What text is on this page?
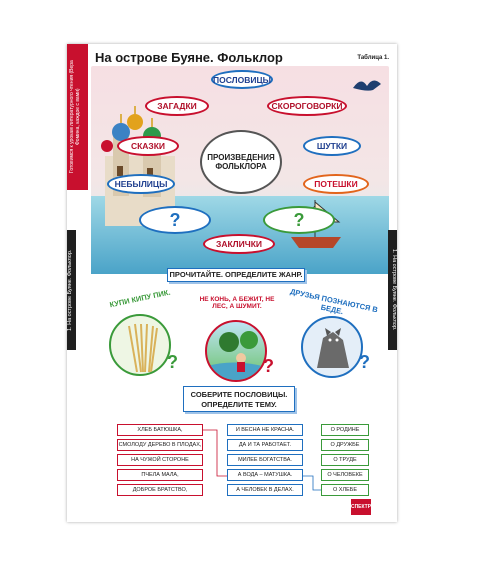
Готовимся к урокам литературного чтения (Вера Фомина, каждое с вами)
На острове Буяне. Фольклор	Таблица 1.
1. На острове Буяне. Фольклор.	1. На острове Буяне. Фольклор.
ПОСЛОВИЦЫ
ЗАГАДКИ	СКОРОГОВОРКИ
СКАЗКИ	ШУТКИ
НЕБЫЛИЦЫ	ПОТЕШКИ
?	?
ЗАКЛИЧКИ
ПРОИЗВЕДЕНИЯ ФОЛЬКЛОРА
ПРОЧИТАЙТЕ. ОПРЕДЕЛИТЕ ЖАНР.
КУПИ КИПУ ПИК.
?
НЕ КОНЬ, А БЕЖИТ, НЕ ЛЕС, А ШУМИТ.
?
ДРУЗЬЯ ПОЗНАЮТСЯ В БЕДЕ.
?
СОБЕРИТЕ ПОСЛОВИЦЫ. ОПРЕДЕЛИТЕ ТЕМУ.
ХЛЕБ БАТЮШКА,
СМОЛОДУ ДЕРЕВО В ПЛОДАХ,
НА ЧУЖОЙ СТОРОНЕ
ПЧЕЛА МАЛА,
ДОБРОЕ БРАТСТВО,
И ВЕСНА НЕ КРАСНА.
ДА И ТА РАБОТАЕТ.
МИЛЕЕ БОГАТСТВА.
А ВОДА – МАТУШКА.
А ЧЕЛОВЕК В ДЕЛАХ.
О РОДИНЕ
О ДРУЖБЕ
О ТРУДЕ
О ЧЕЛОВЕКЕ
О ХЛЕБЕ
СПЕКТР
